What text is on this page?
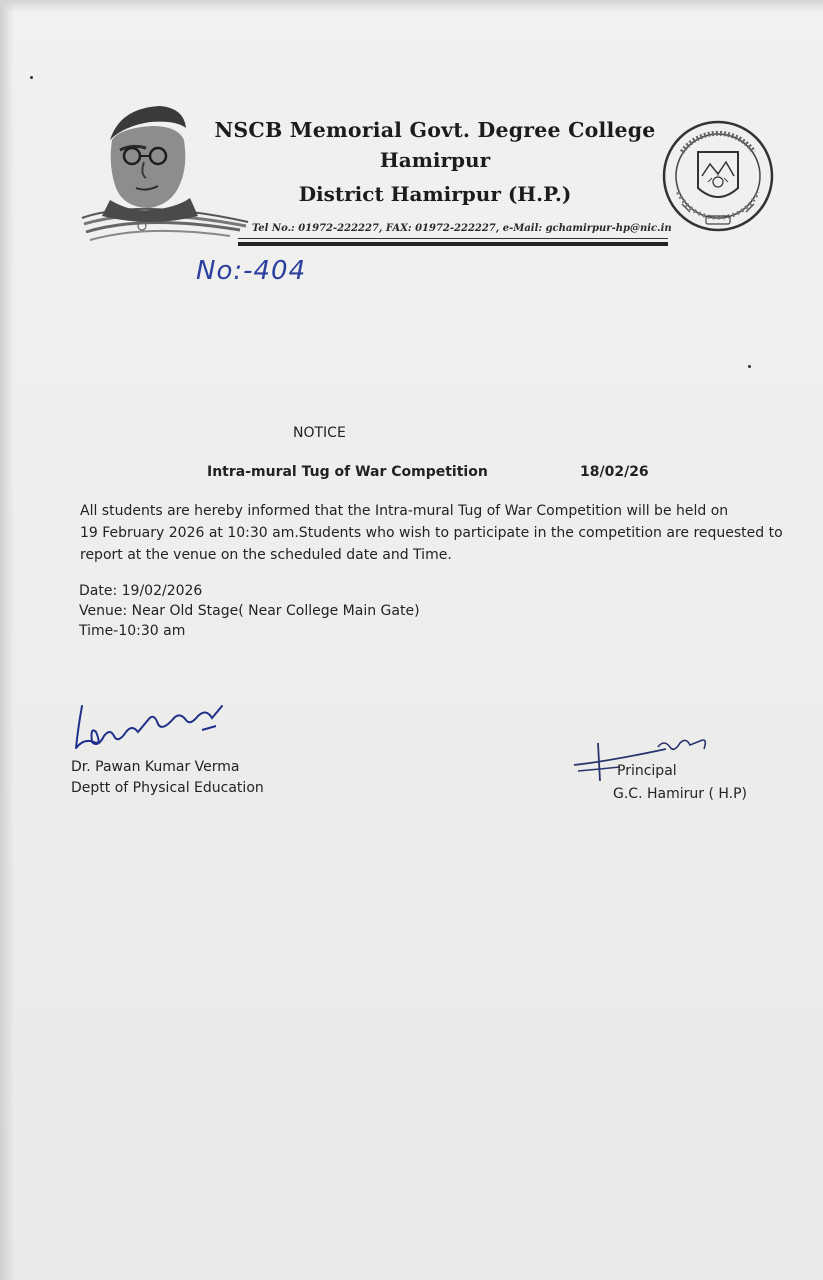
NSCB Memorial Govt. Degree College
Hamirpur
District Hamirpur (H.P.)
Tel No.: 01972-222227, FAX: 01972-222227, e-Mail: gchamirpur-hp@nic.in
No:-404
NOTICE
Intra-mural Tug of War Competition	18/02/26
All students are hereby informed that the Intra-mural Tug of War Competition will be held on
19 February 2026 at 10:30 am.Students who wish to participate in the competition are requested to
report at the venue on the scheduled date and Time.
Date: 19/02/2026
Venue: Near Old Stage( Near College Main Gate)
Time-10:30 am
Dr. Pawan Kumar Verma
Deptt of Physical Education
Principal
G.C. Hamirur ( H.P)
